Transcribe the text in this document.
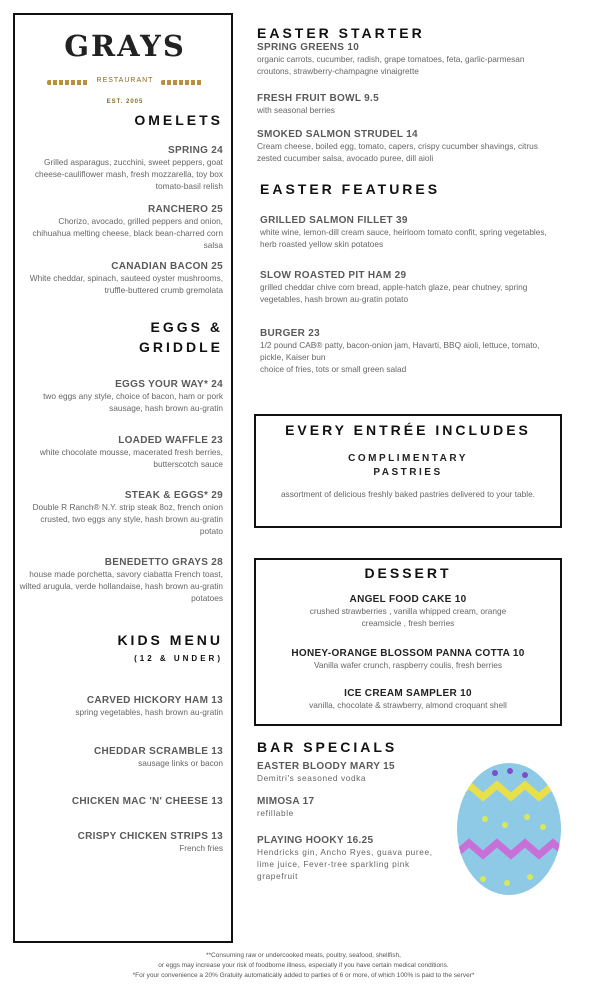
GRAYS
RESTAURANT
EST. 2005
OMELETS
SPRING 24
Grilled asparagus, zucchini, sweet peppers, goat cheese-cauliflower mash, fresh mozzarella, toy box tomato-basil relish
RANCHERO 25
Chorizo, avocado, grilled peppers and onion, chihuahua melting cheese, black bean-charred corn salsa
CANADIAN BACON 25
White cheddar, spinach, sauteed oyster mushrooms, truffle-buttered crumb gremolata
EGGS &
GRIDDLE
EGGS YOUR WAY* 24
two eggs any style, choice of bacon, ham or pork sausage, hash brown au-gratin
LOADED WAFFLE 23
white chocolate mousse, macerated fresh berries, butterscotch sauce
STEAK & EGGS* 29
Double R Ranch® N.Y. strip steak 8oz, french onion crusted, two eggs any style, hash brown au-gratin potato
BENEDETTO GRAYS 28
house made porchetta, savory ciabatta French toast, wilted arugula, verde hollandaise, hash brown au-gratin potatoes
KIDS MENU
(12 & UNDER)
CARVED HICKORY HAM 13
spring vegetables, hash brown au-gratin
CHEDDAR SCRAMBLE 13
sausage links or bacon
CHICKEN MAC 'N' CHEESE 13
CRISPY CHICKEN STRIPS 13
French fries
EASTER STARTER
SPRING GREENS 10
organic carrots, cucumber, radish, grape tomatoes, feta, garlic-parmesan croutons, strawberry-champagne vinaigrette
FRESH FRUIT BOWL 9.5
with seasonal berries
SMOKED SALMON STRUDEL 14
Cream cheese, boiled egg, tomato, capers, crispy cucumber shavings, citrus zested cucumber salsa, avocado puree, dill aioli
EASTER FEATURES
GRILLED SALMON FILLET 39
white wine, lemon-dill cream sauce, heirloom tomato confit, spring vegetables, herb roasted yellow skin potatoes
SLOW ROASTED PIT HAM 29
grilled cheddar chive corn bread, apple-hatch glaze, pear chutney, spring vegetables, hash brown au-gratin potato
BURGER 23
1/2 pound CAB® patty, bacon-onion jam, Havarti, BBQ aioli, lettuce, tomato, pickle, Kaiser bun
choice of fries, tots or small green salad
EVERY ENTRÉE INCLUDES
COMPLIMENTARY
PASTRIES
assortment of delicious freshly baked pastries delivered to your table.
DESSERT
ANGEL FOOD CAKE 10
crushed strawberries , vanilla whipped cream, orange creamsicle , fresh berries
HONEY-ORANGE BLOSSOM PANNA COTTA 10
Vanilla wafer crunch, raspberry coulis, fresh berries
ICE CREAM SAMPLER 10
vanilla, chocolate & strawberry, almond croquant shell
BAR SPECIALS
EASTER BLOODY MARY 15
Demitri's seasoned vodka
MIMOSA 17
refillable
PLAYING HOOKY 16.25
Hendricks gin, Ancho Ryes, guava puree, lime juice, Fever-tree sparkling pink grapefruit
**Consuming raw or undercooked meats, poultry, seafood, shellfish,
or eggs may increase your risk of foodborne illness, especially if you have certain medical conditions.
*For your convenience a 20% Gratuity automatically added to parties of 6 or more, of which 100% is paid to the server*
